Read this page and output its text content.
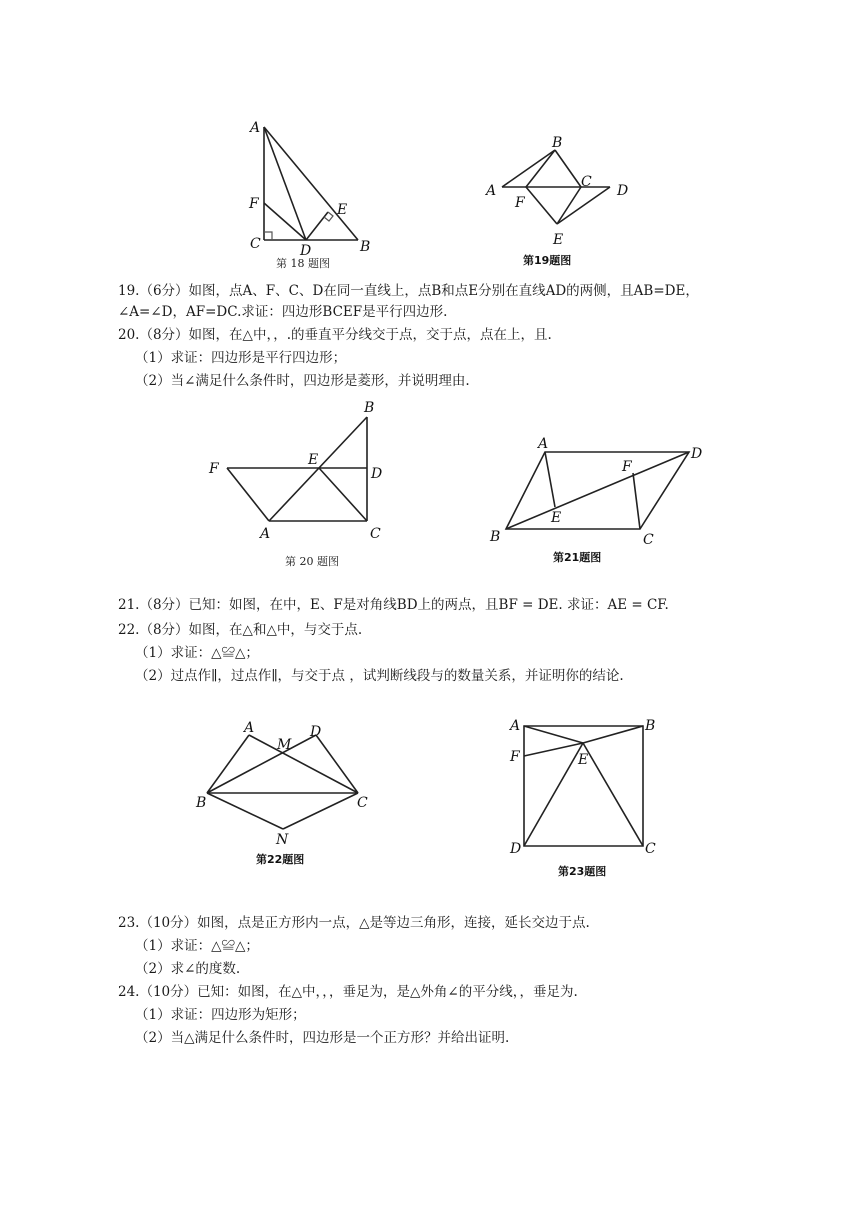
A
F
C	D
E
B
第 18 题图
A
B
C
D
E
F
第19题图

19.（6分）如图，点A、F、C、D在同一直线上，点B和点E分别在直线AD的两侧，且AB=DE，

∠A=∠D，AF=DC.求证：四边形BCEF是平行四边形.

20.（8分）如图，在△中，，.的垂直平分线交于点，交于点，点在上，且.

（1）求证：四边形是平行四边形；

（2）当∠满足什么条件时，四边形是菱形，并说明理由.

F
E
B
D
A	C
第 20 题图
A
D
F
E
B	C
第21题图

21.（8分）已知：如图，在中，E、F是对角线BD上的两点，且BF = DE. 求证：AE = CF.

22.（8分）如图，在△和△中，与交于点.

（1）求证：△≌△；

（2）过点作∥，过点作∥，与交于点 ，试判断线段与的数量关系，并证明你的结论.

A
M
D
B	C
N
第22题图
A	B
F	E
D	C
第23题图

23.（10分）如图，点是正方形内一点，△是等边三角形，连接，延长交边于点.

（1）求证：△≌△；

（2）求∠的度数.

24.（10分）已知：如图，在△中，，，垂足为，是△外角∠的平分线，，垂足为.

（1）求证：四边形为矩形；

（2）当△满足什么条件时，四边形是一个正方形？并给出证明.
